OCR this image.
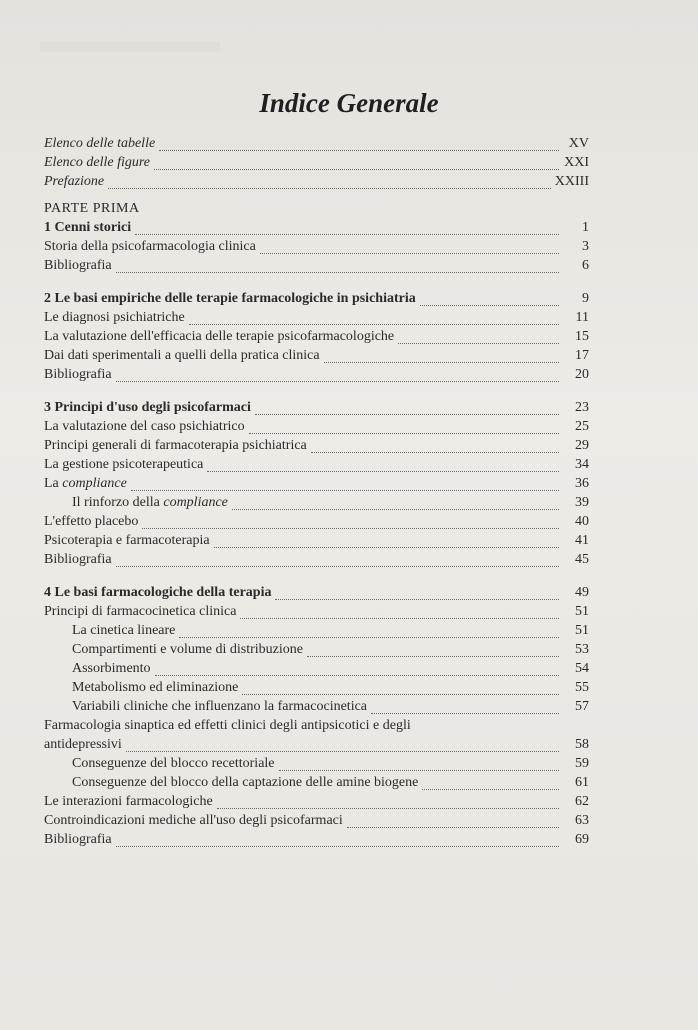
Indice Generale
Elenco delle tabelle	XV
Elenco delle figure	XXI
Prefazione	XXIII
PARTE PRIMA
1 Cenni storici	1
Storia della psicofarmacologia clinica	3
Bibliografia	6
2 Le basi empiriche delle terapie farmacologiche in psichiatria	9
Le diagnosi psichiatriche	11
La valutazione dell'efficacia delle terapie psicofarmacologiche	15
Dai dati sperimentali a quelli della pratica clinica	17
Bibliografia	20
3 Principi d'uso degli psicofarmaci	23
La valutazione del caso psichiatrico	25
Principi generali di farmacoterapia psichiatrica	29
La gestione psicoterapeutica	34
La compliance	36
Il rinforzo della compliance	39
L'effetto placebo	40
Psicoterapia e farmacoterapia	41
Bibliografia	45
4 Le basi farmacologiche della terapia	49
Principi di farmacocinetica clinica	51
La cinetica lineare	51
Compartimenti e volume di distribuzione	53
Assorbimento	54
Metabolismo ed eliminazione	55
Variabili cliniche che influenzano la farmacocinetica	57
Farmacologia sinaptica ed effetti clinici degli antipsicotici e degli
antidepressivi	58
Conseguenze del blocco recettoriale	59
Conseguenze del blocco della captazione delle amine biogene	61
Le interazioni farmacologiche	62
Controindicazioni mediche all'uso degli psicofarmaci	63
Bibliografia	69
